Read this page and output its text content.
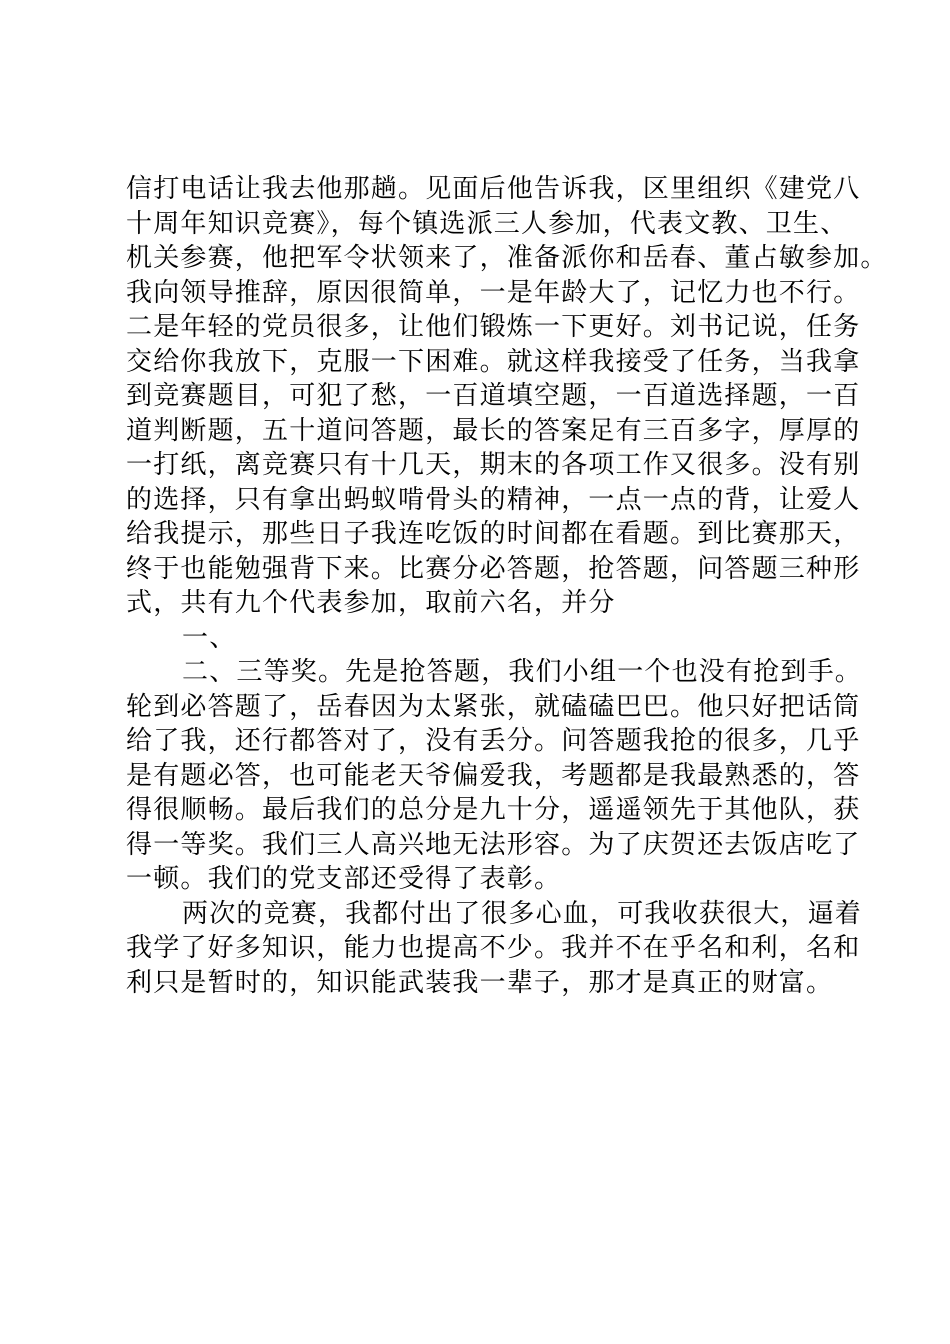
信打电话让我去他那趟。见面后他告诉我，区里组织《建党八
十周年知识竞赛》，每个镇选派三人参加，代表文教、卫生、
机关参赛，他把军令状领来了，准备派你和岳春、董占敏参加。
我向领导推辞，原因很简单，一是年龄大了，记忆力也不行。
二是年轻的党员很多，让他们锻炼一下更好。刘书记说，任务
交给你我放下，克服一下困难。就这样我接受了任务，当我拿
到竞赛题目，可犯了愁，一百道填空题，一百道选择题，一百
道判断题，五十道问答题，最长的答案足有三百多字，厚厚的
一打纸，离竞赛只有十几天，期末的各项工作又很多。没有别
的选择，只有拿出蚂蚁啃骨头的精神，一点一点的背，让爱人
给我提示，那些日子我连吃饭的时间都在看题。到比赛那天，
终于也能勉强背下来。比赛分必答题，抢答题，问答题三种形
式，共有九个代表参加，取前六名，并分
一、
二、三等奖。先是抢答题，我们小组一个也没有抢到手。
轮到必答题了，岳春因为太紧张，就磕磕巴巴。他只好把话筒
给了我，还行都答对了，没有丢分。问答题我抢的很多，几乎
是有题必答，也可能老天爷偏爱我，考题都是我最熟悉的，答
得很顺畅。最后我们的总分是九十分，遥遥领先于其他队，获
得一等奖。我们三人高兴地无法形容。为了庆贺还去饭店吃了
一顿。我们的党支部还受得了表彰。
两次的竞赛，我都付出了很多心血，可我收获很大，逼着
我学了好多知识，能力也提高不少。我并不在乎名和利，名和
利只是暂时的，知识能武装我一辈子，那才是真正的财富。
